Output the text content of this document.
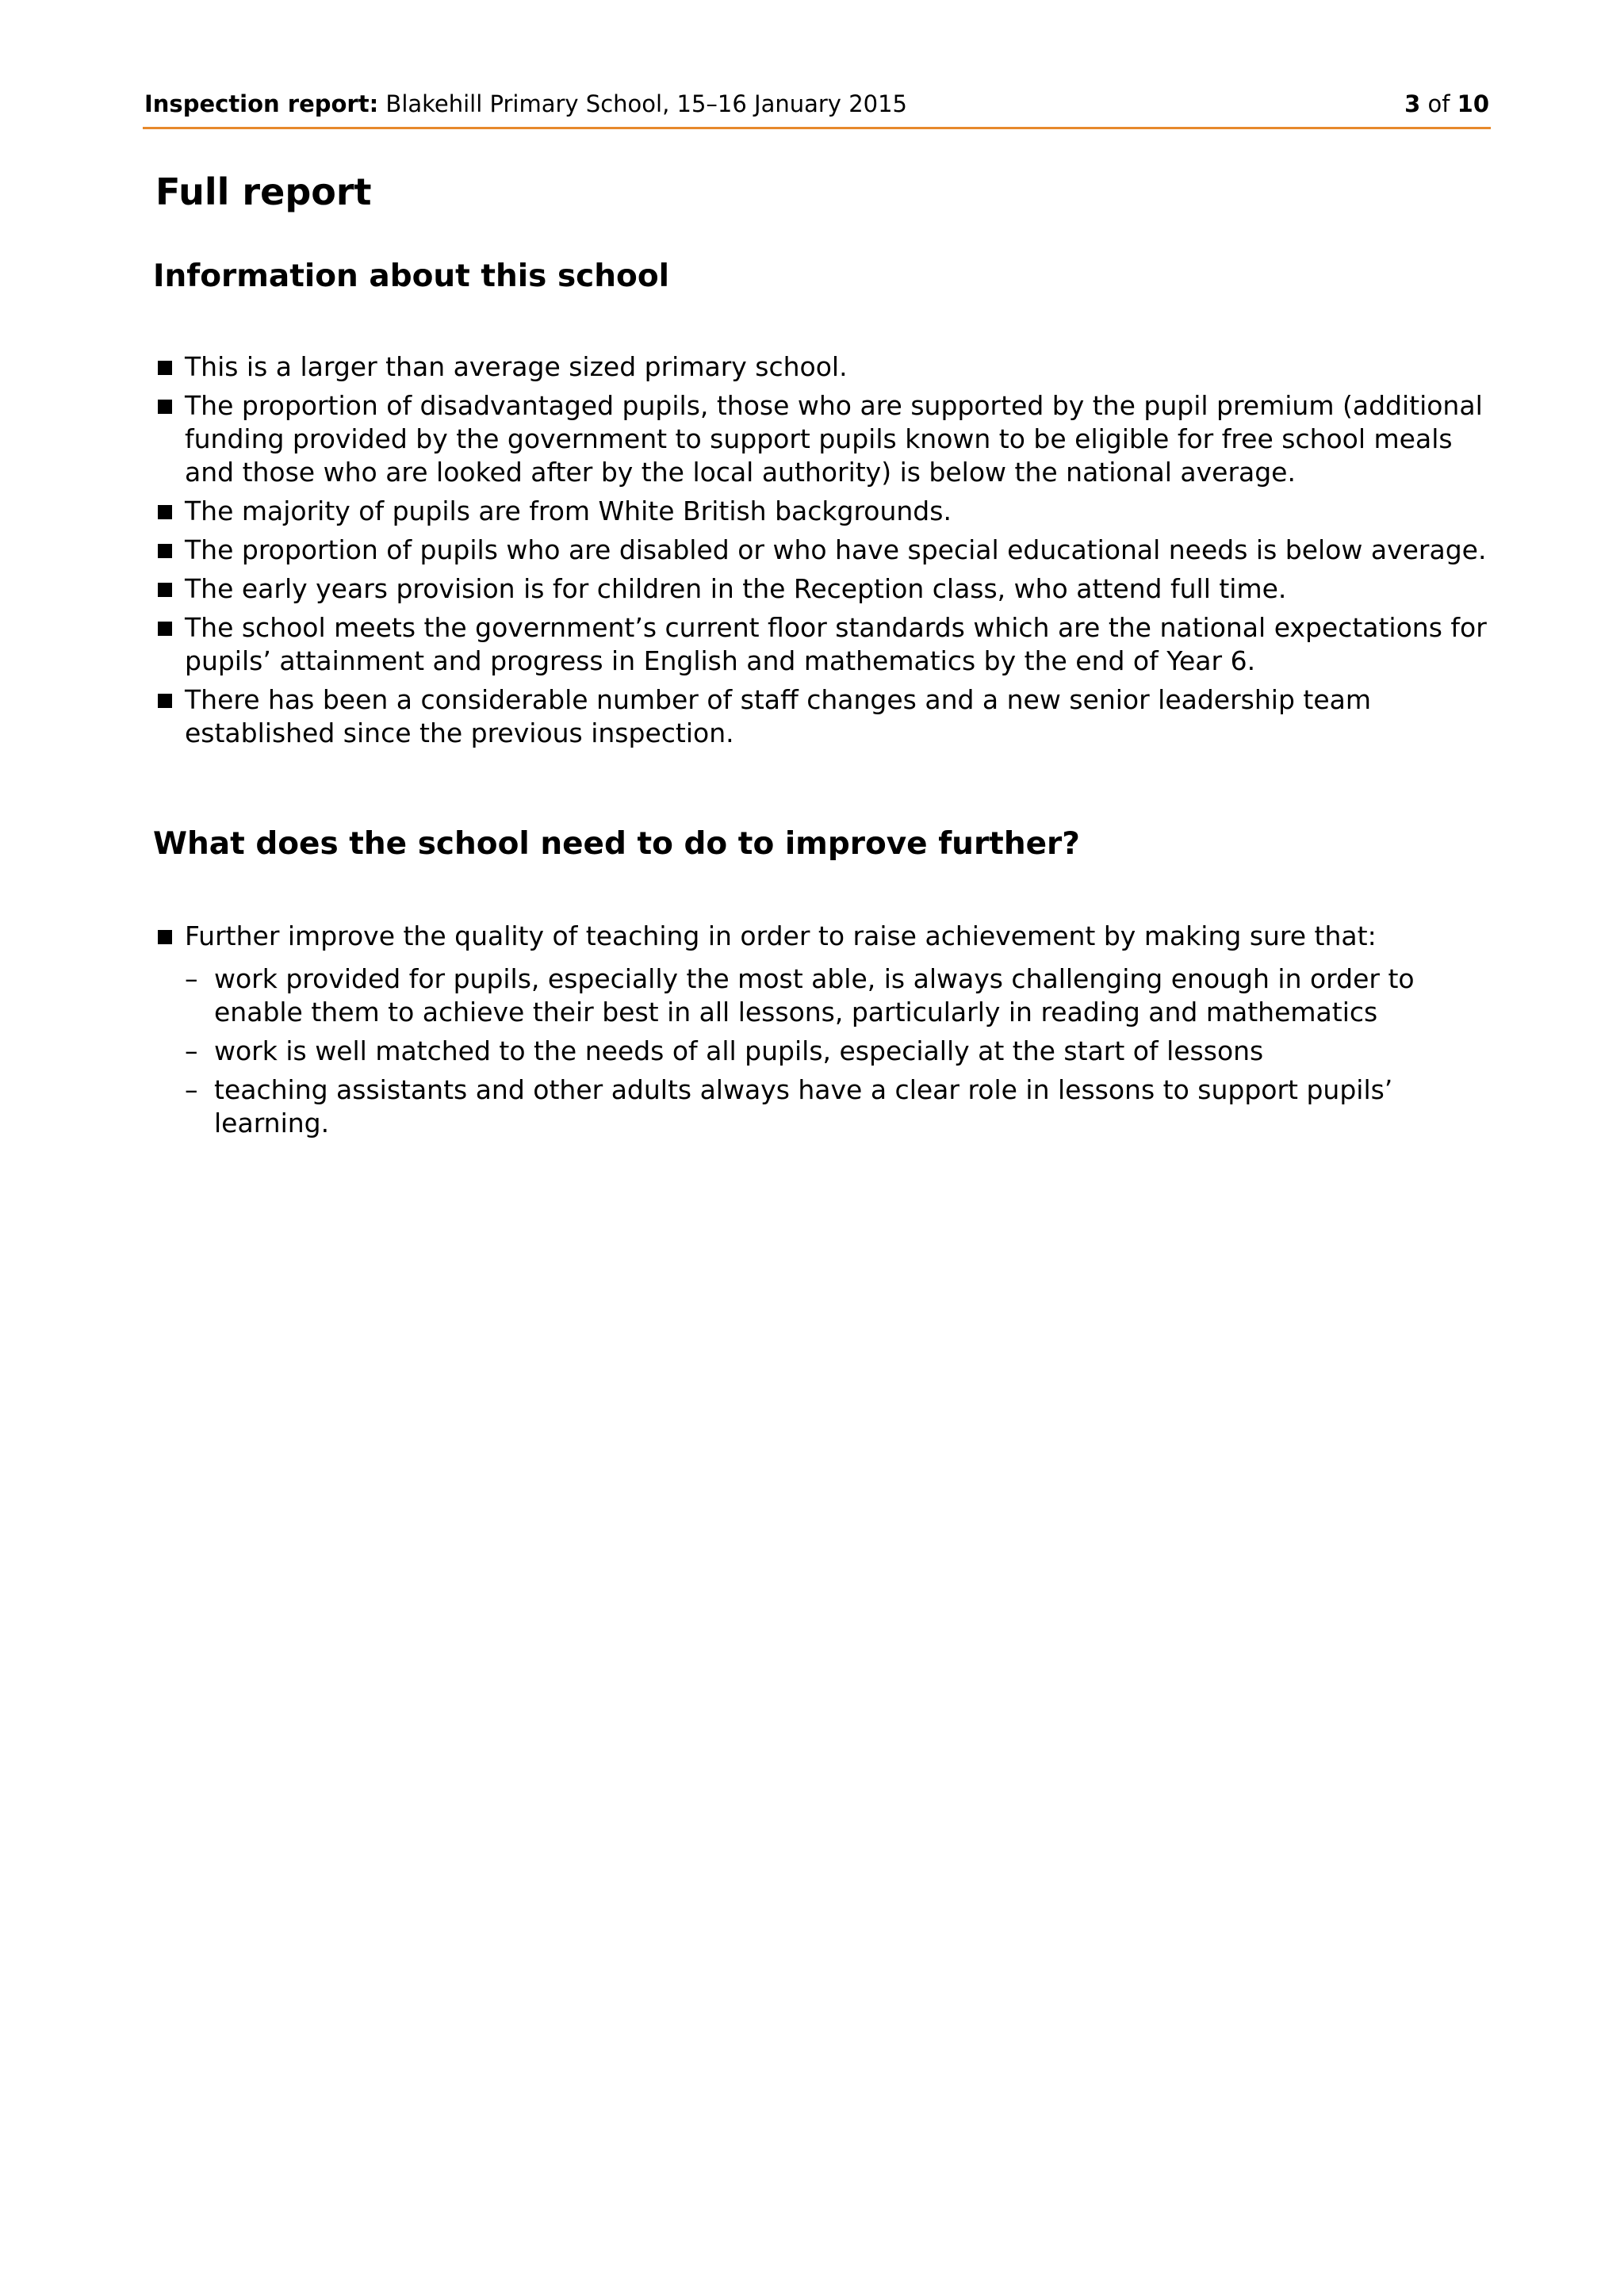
Inspection report: Blakehill Primary School, 15–16 January 2015	3 of 10
Full report
Information about this school
This is a larger than average sized primary school.
The proportion of disadvantaged pupils, those who are supported by the pupil premium (additional funding provided by the government to support pupils known to be eligible for free school meals and those who are looked after by the local authority) is below the national average.
The majority of pupils are from White British backgrounds.
The proportion of pupils who are disabled or who have special educational needs is below average.
The early years provision is for children in the Reception class, who attend full time.
The school meets the government’s current floor standards which are the national expectations for pupils’ attainment and progress in English and mathematics by the end of Year 6.
There has been a considerable number of staff changes and a new senior leadership team established since the previous inspection.
What does the school need to do to improve further?
Further improve the quality of teaching in order to raise achievement by making sure that:
– work provided for pupils, especially the most able, is always challenging enough in order to enable them to achieve their best in all lessons, particularly in reading and mathematics
– work is well matched to the needs of all pupils, especially at the start of lessons
– teaching assistants and other adults always have a clear role in lessons to support pupils’ learning.
